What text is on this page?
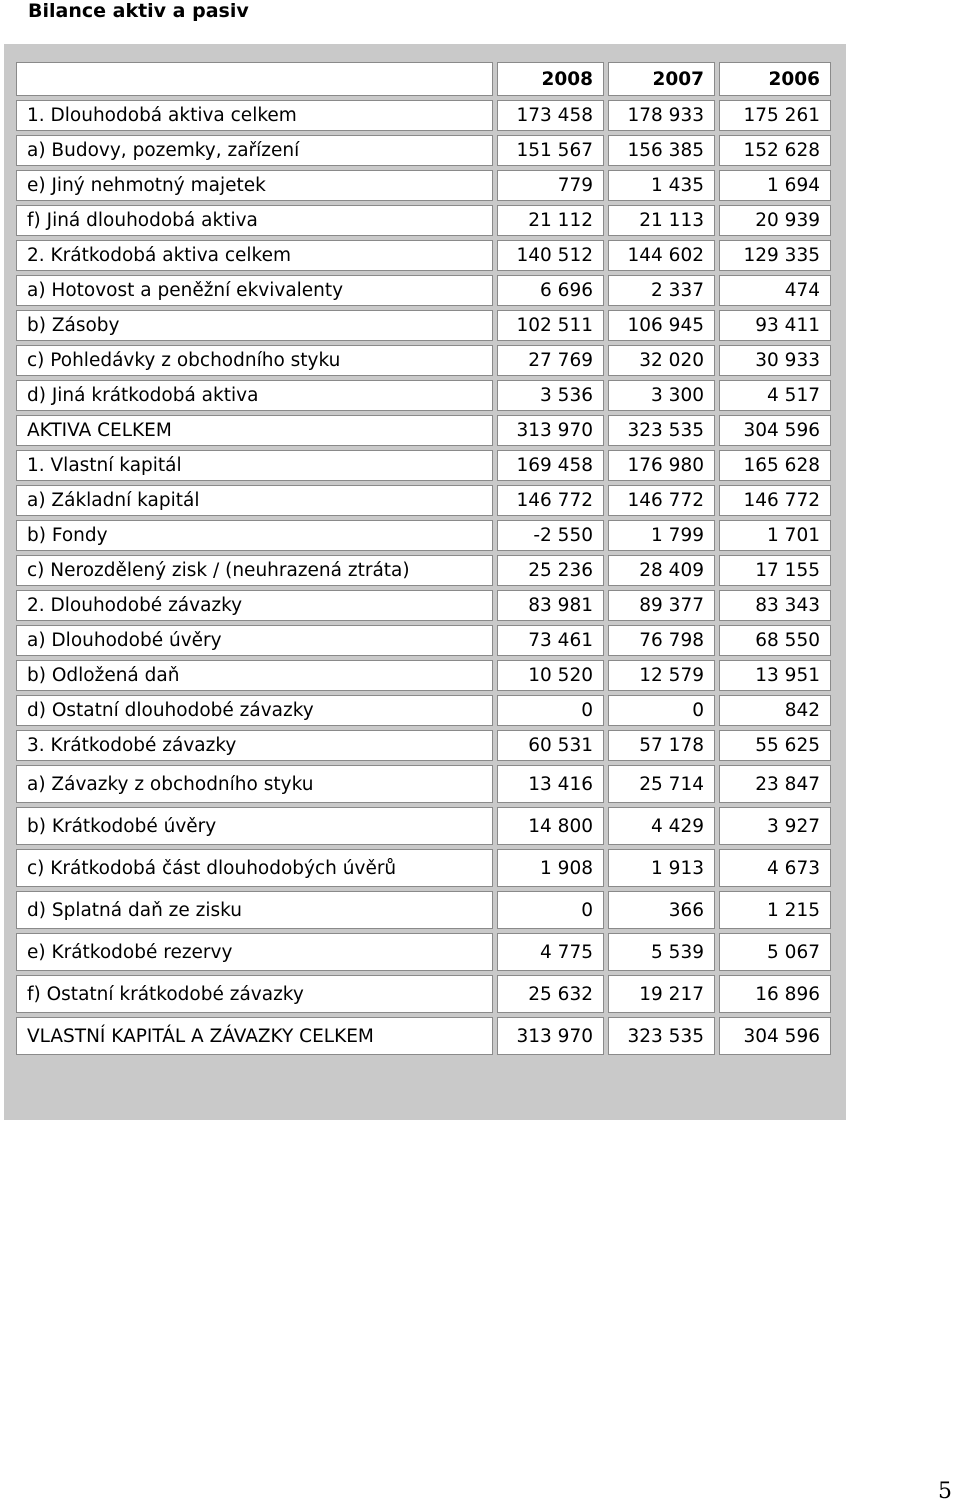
Bilance aktiv a pasiv
	2008	2007	2006
1. Dlouhodobá aktiva celkem	173 458	178 933	175 261
a) Budovy, pozemky, zařízení	151 567	156 385	152 628
e) Jiný nehmotný majetek	779	1 435	1 694
f) Jiná dlouhodobá aktiva	21 112	21 113	20 939
2. Krátkodobá aktiva celkem	140 512	144 602	129 335
a) Hotovost a peněžní ekvivalenty	6 696	2 337	474
b) Zásoby	102 511	106 945	93 411
c) Pohledávky z obchodního styku	27 769	32 020	30 933
d) Jiná krátkodobá aktiva	3 536	3 300	4 517
AKTIVA CELKEM	313 970	323 535	304 596
1. Vlastní kapitál	169 458	176 980	165 628
a) Základní kapitál	146 772	146 772	146 772
b) Fondy	-2 550	1 799	1 701
c) Nerozdělený zisk / (neuhrazená ztráta)	25 236	28 409	17 155
2. Dlouhodobé závazky	83 981	89 377	83 343
a) Dlouhodobé úvěry	73 461	76 798	68 550
b) Odložená daň	10 520	12 579	13 951
d) Ostatní dlouhodobé závazky	0	0	842
3. Krátkodobé závazky	60 531	57 178	55 625
a) Závazky z obchodního styku	13 416	25 714	23 847
b) Krátkodobé úvěry	14 800	4 429	3 927
c) Krátkodobá část dlouhodobých úvěrů	1 908	1 913	4 673
d) Splatná daň ze zisku	0	366	1 215
e) Krátkodobé rezervy	4 775	5 539	5 067
f) Ostatní krátkodobé závazky	25 632	19 217	16 896
VLASTNÍ KAPITÁL A ZÁVAZKY CELKEM	313 970	323 535	304 596
5
